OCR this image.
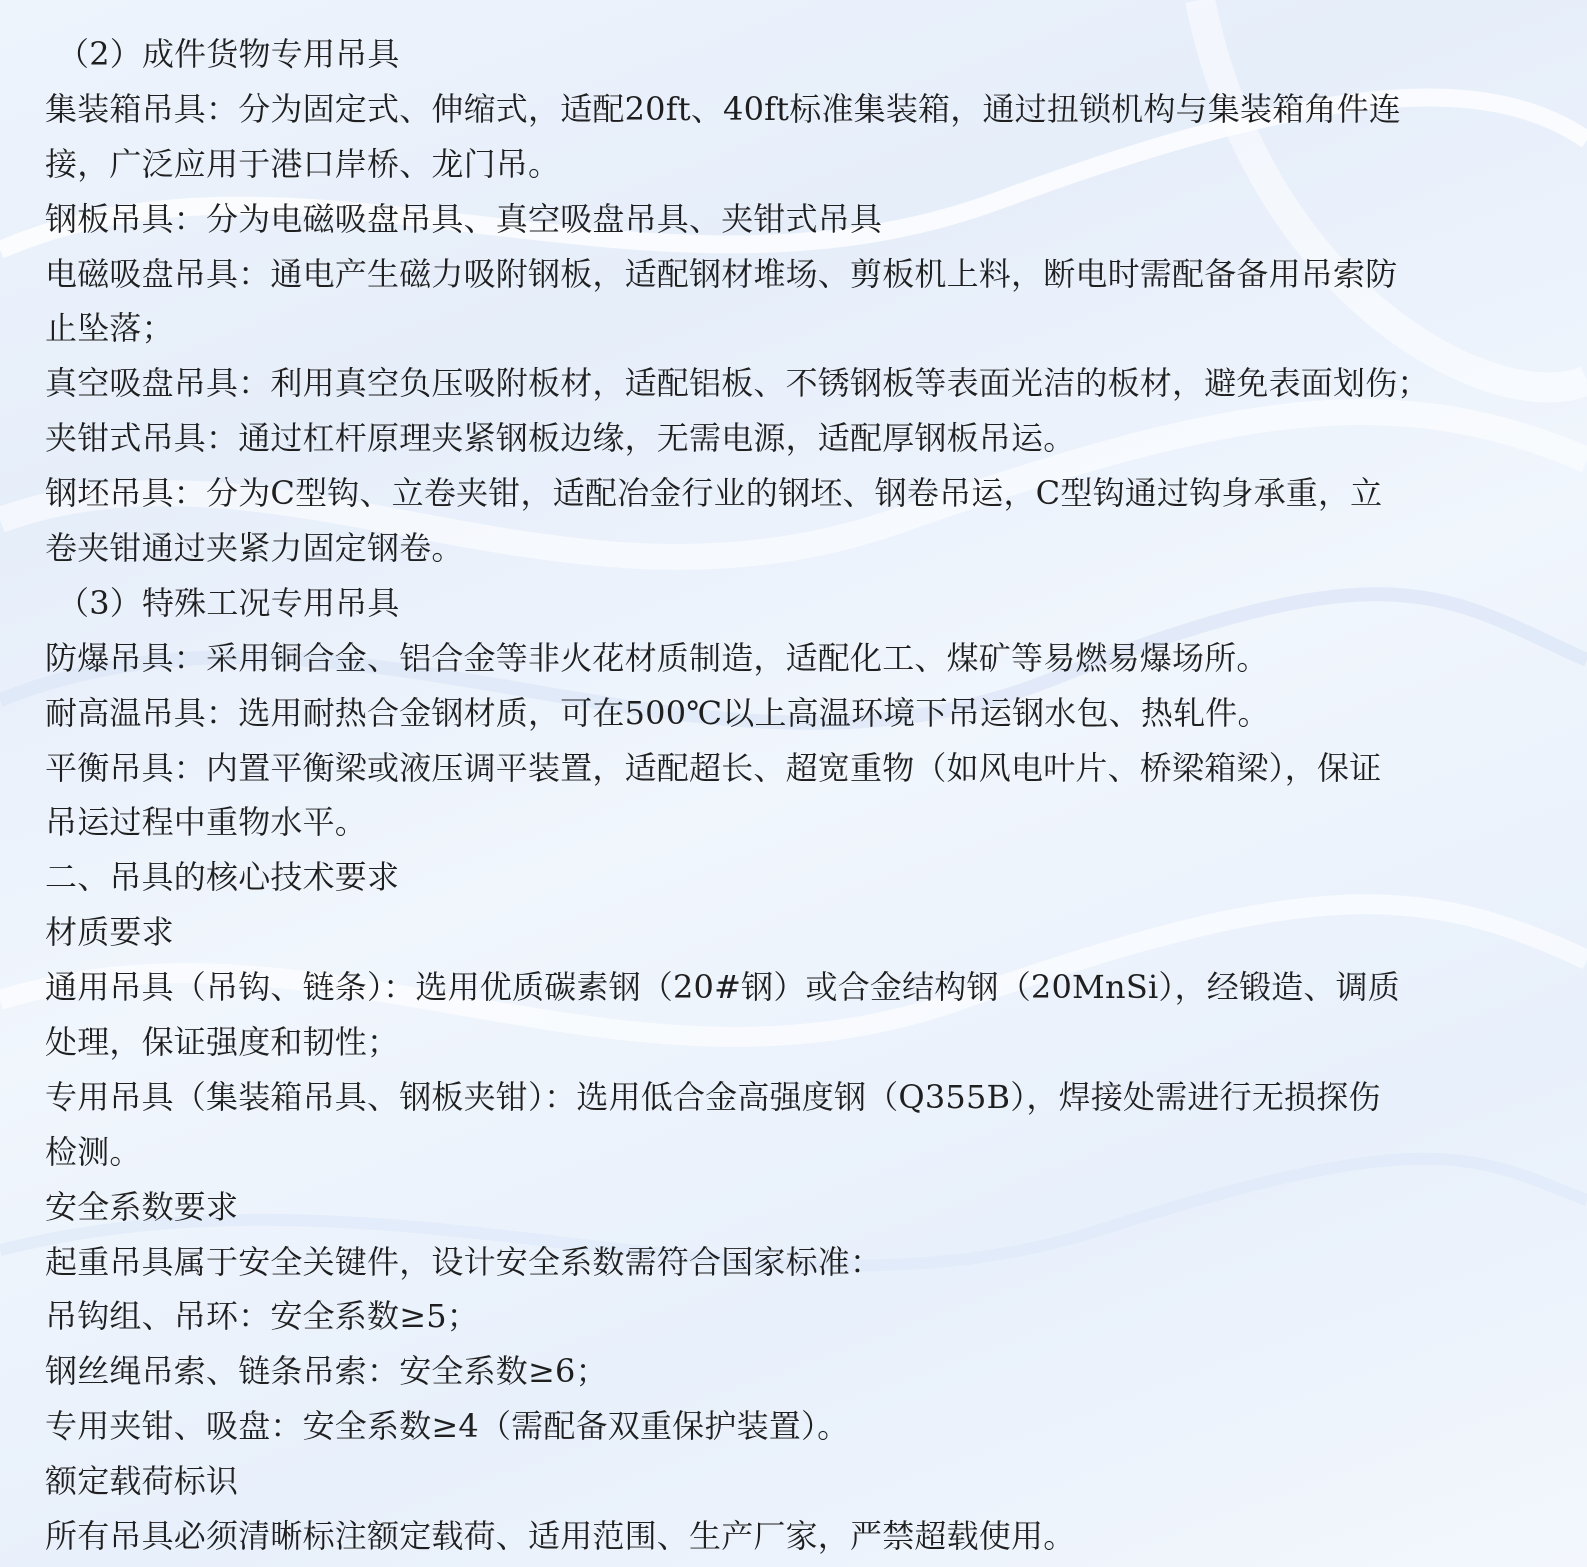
（2）成件货物专用吊具
集装箱吊具：分为固定式、伸缩式，适配20ft、40ft标准集装箱，通过扭锁机构与集装箱角件连
接，广泛应用于港口岸桥、龙门吊。
钢板吊具：分为电磁吸盘吊具、真空吸盘吊具、夹钳式吊具
电磁吸盘吊具：通电产生磁力吸附钢板，适配钢材堆场、剪板机上料，断电时需配备备用吊索防
止坠落；
真空吸盘吊具：利用真空负压吸附板材，适配铝板、不锈钢板等表面光洁的板材，避免表面划伤；
夹钳式吊具：通过杠杆原理夹紧钢板边缘，无需电源，适配厚钢板吊运。
钢坯吊具：分为C型钩、立卷夹钳，适配冶金行业的钢坯、钢卷吊运，C型钩通过钩身承重，立
卷夹钳通过夹紧力固定钢卷。
（3）特殊工况专用吊具
防爆吊具：采用铜合金、铝合金等非火花材质制造，适配化工、煤矿等易燃易爆场所。
耐高温吊具：选用耐热合金钢材质，可在500℃以上高温环境下吊运钢水包、热轧件。
平衡吊具：内置平衡梁或液压调平装置，适配超长、超宽重物（如风电叶片、桥梁箱梁），保证
吊运过程中重物水平。
二、吊具的核心技术要求
材质要求
通用吊具（吊钩、链条）：选用优质碳素钢（20#钢）或合金结构钢（20MnSi），经锻造、调质
处理，保证强度和韧性；
专用吊具（集装箱吊具、钢板夹钳）：选用低合金高强度钢（Q355B），焊接处需进行无损探伤
检测。
安全系数要求
起重吊具属于安全关键件，设计安全系数需符合国家标准：
吊钩组、吊环：安全系数≥5；
钢丝绳吊索、链条吊索：安全系数≥6；
专用夹钳、吸盘：安全系数≥4（需配备双重保护装置）。
额定载荷标识
所有吊具必须清晰标注额定载荷、适用范围、生产厂家，严禁超载使用。
